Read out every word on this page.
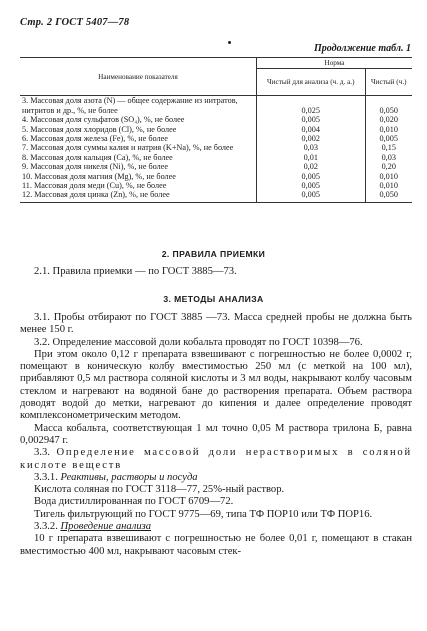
Стр. 2 ГОСТ 5407—78
Продолжение табл. 1
Наименование показателя	Норма	
	Чистый для анализа (ч. д. а.)	Чистый (ч.)
3. Массовая доля азота (N) — общее содержание из нитратов, нитритов и др., %, не более	0,025	0,050
4. Массовая доля сульфатов (SO₄), %, не более	0,005	0,020
5. Массовая доля хлоридов (Cl), %, не более	0,004	0,010
6. Массовая доля железа (Fe), %, не более	0,002	0,005
7. Массовая доля суммы калия и натрия (K+Na), %, не более	0,03	0,15
8. Массовая доля кальция (Ca), %, не более	0,01	0,03
9. Массовая доля никеля (Ni), %, не более	0,02	0,20
10. Массовая доля магния (Mg), %, не более	0,005	0,010
11. Массовая доля меди (Cu), %, не более	0,005	0,010
12. Массовая доля цинка (Zn), %, не более	0,005	0,050
2. ПРАВИЛА ПРИЕМКИ

2.1. Правила приемки — по ГОСТ 3885—73.

3. МЕТОДЫ АНАЛИЗА

3.1. Пробы отбирают по ГОСТ 3885 —73. Масса средней пробы не должна быть менее 150 г.

3.2. Определение массовой доли кобальта проводят по ГОСТ 10398—76.

При этом около 0,12 г препарата взвешивают с погрешностью не более 0,0002 г, помещают в коническую колбу вместимостью 250 мл (с меткой на 100 мл), прибавляют 0,5 мл раствора соляной кислоты и 3 мл воды, накрывают колбу часовым стеклом и нагревают на водяной бане до растворения препарата. Объем раствора доводят водой до метки, нагревают до кипения и далее определение проводят комплексонометрическим методом.

Масса кобальта, соответствующая 1 мл точно 0,05 М раствора трилона Б, равна 0,002947 г.

3.3. Определение массовой доли нерастворимых в соляной кислоте веществ

3.3.1. Реактивы, растворы и посуда

Кислота соляная по ГОСТ 3118—77, 25%-ный раствор.

Вода дистиллированная по ГОСТ 6709—72.

Тигель фильтрующий по ГОСТ 9775—69, типа ТФ ПОР10 или ТФ ПОР16.

3.3.2. Проведение анализа

10 г препарата взвешивают с погрешностью не более 0,01 г, помещают в стакан вместимостью 400 мл, накрывают часовым стек-
